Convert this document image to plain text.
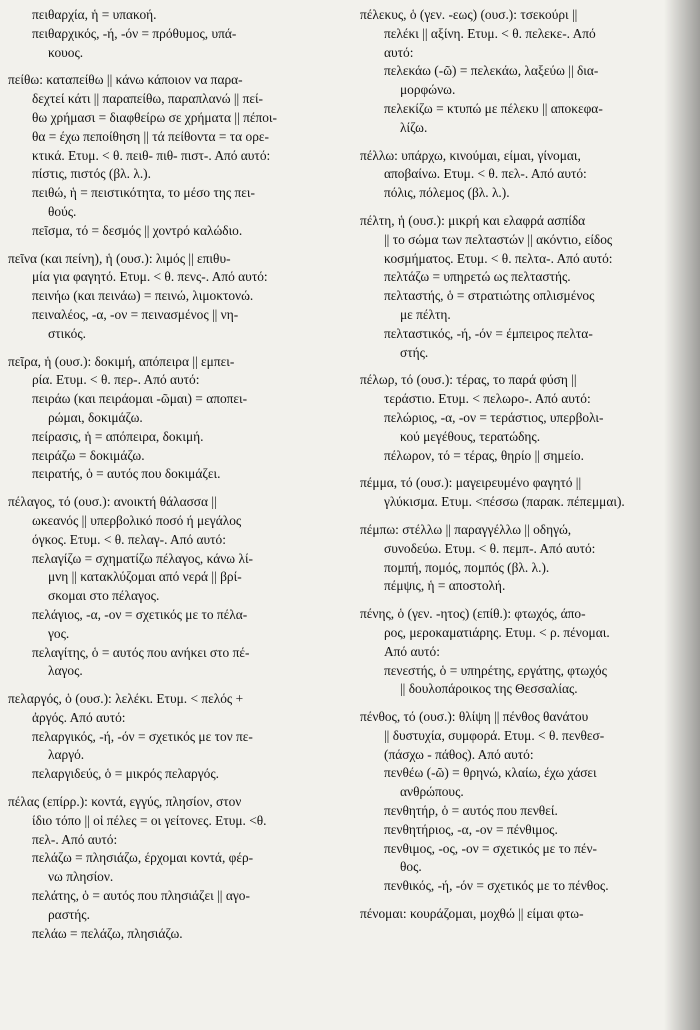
πειθαρχία, ἡ = υπακοή.
πειθαρχικός, -ή, -όν = πρόθυμος, υπά-
κουος.
πείθω: καταπείθω || κάνω κάποιον να παρα-
δεχτεί κάτι || παραπείθω, παραπλανώ || πεί-
θω χρήμασι = διαφθείρω σε χρήματα || πέποι-
θα = έχω πεποίθηση || τά πείθοντα = τα ορε-
κτικά. Ετυμ. < θ. πειθ- πιθ- πιστ-. Από αυτό:
πίστις, πιστός (βλ. λ.).
πειθώ, ἡ = πειστικότητα, το μέσο της πει-
θούς.
πεῖσμα, τό = δεσμός || χοντρό καλώδιο.
πεῖνα (και πείνη), ἡ (ουσ.): λιμός || επιθυ-
μία για φαγητό. Ετυμ. < θ. πενς-. Από αυτό:
πεινήω (και πεινάω) = πεινώ, λιμοκτονώ.
πειναλέος, -α, -ον = πεινασμένος || νη-
στικός.
πεῖρα, ἡ (ουσ.): δοκιμή, απόπειρα || εμπει-
ρία. Ετυμ. < θ. περ-. Από αυτό:
πειράω (και πειράομαι -ῶμαι) = αποπει-
ρώμαι, δοκιμάζω.
πείρασις, ἡ = απόπειρα, δοκιμή.
πειράζω = δοκιμάζω.
πειρατής, ὁ = αυτός που δοκιμάζει.
πέλαγος, τό (ουσ.): ανοικτή θάλασσα ||
ωκεανός || υπερβολικό ποσό ή μεγάλος
όγκος. Ετυμ. < θ. πελαγ-. Από αυτό:
πελαγίζω = σχηματίζω πέλαγος, κάνω λί-
μνη || κατακλύζομαι από νερά || βρί-
σκομαι στο πέλαγος.
πελάγιος, -α, -ον = σχετικός με το πέλα-
γος.
πελαγίτης, ὁ = αυτός που ανήκει στο πέ-
λαγος.
πελαργός, ὁ (ουσ.): λελέκι. Ετυμ. < πελός +
ἀργός. Από αυτό:
πελαργικός, -ή, -όν = σχετικός με τον πε-
λαργό.
πελαργιδεύς, ὁ = μικρός πελαργός.
πέλας (επίρρ.): κοντά, εγγύς, πλησίον, στον
ίδιο τόπο || οἱ πέλες = οι γείτονες. Ετυμ. <θ.
πελ-. Από αυτό:
πελάζω = πλησιάζω, έρχομαι κοντά, φέρ-
νω πλησίον.
πελάτης, ὁ = αυτός που πλησιάζει || αγο-
ραστής.
πελάω = πελάζω, πλησιάζω.
πέλεκυς, ὁ (γεν. -εως) (ουσ.): τσεκούρι ||
πελέκι || αξίνη. Ετυμ. < θ. πελεκε-. Από
αυτό:
πελεκάω (-ῶ) = πελεκάω, λαξεύω || δια-
μορφώνω.
πελεκίζω = κτυπώ με πέλεκυ || αποκεφα-
λίζω.
πέλλω: υπάρχω, κινούμαι, είμαι, γίνομαι,
αποβαίνω. Ετυμ. < θ. πελ-. Από αυτό:
πόλις, πόλεμος (βλ. λ.).
πέλτη, ἡ (ουσ.): μικρή και ελαφρά ασπίδα
|| το σώμα των πελταστών || ακόντιο, είδος
κοσμήματος. Ετυμ. < θ. πελτα-. Από αυτό:
πελτάζω = υπηρετώ ως πελταστής.
πελταστής, ὁ = στρατιώτης οπλισμένος
με πέλτη.
πελταστικός, -ή, -όν = έμπειρος πελτα-
στής.
πέλωρ, τό (ουσ.): τέρας, το παρά φύση ||
τεράστιο. Ετυμ. < πελωρο-. Από αυτό:
πελώριος, -α, -ον = τεράστιος, υπερβολι-
κού μεγέθους, τερατώδης.
πέλωρον, τό = τέρας, θηρίο || σημείο.
πέμμα, τό (ουσ.): μαγειρευμένο φαγητό ||
γλύκισμα. Ετυμ. <πέσσω (παρακ. πέπεμμαι).
πέμπω: στέλλω || παραγγέλλω || οδηγώ,
συνοδεύω. Ετυμ. < θ. πεμπ-. Από αυτό:
πομπή, πομός, πομπός (βλ. λ.).
πέμψις, ἡ = αποστολή.
πένης, ὁ (γεν. -ητος) (επίθ.): φτωχός, άπο-
ρος, μεροκαματιάρης. Ετυμ. < ρ. πένομαι.
Από αυτό:
πενεστής, ὁ = υπηρέτης, εργάτης, φτωχός
|| δουλοπάροικος της Θεσσαλίας.
πένθος, τό (ουσ.): θλίψη || πένθος θανάτου
|| δυστυχία, συμφορά. Ετυμ. < θ. πενθεσ-
(πάσχω - πάθος). Από αυτό:
πενθέω (-ῶ) = θρηνώ, κλαίω, έχω χάσει
ανθρώπους.
πενθητήρ, ὁ = αυτός που πενθεί.
πενθητήριος, -α, -ον = πένθιμος.
πενθιμος, -ος, -ον = σχετικός με το πέν-
θος.
πενθικός, -ή, -όν = σχετικός με το πένθος.
πένομαι: κουράζομαι, μοχθώ || είμαι φτω-
